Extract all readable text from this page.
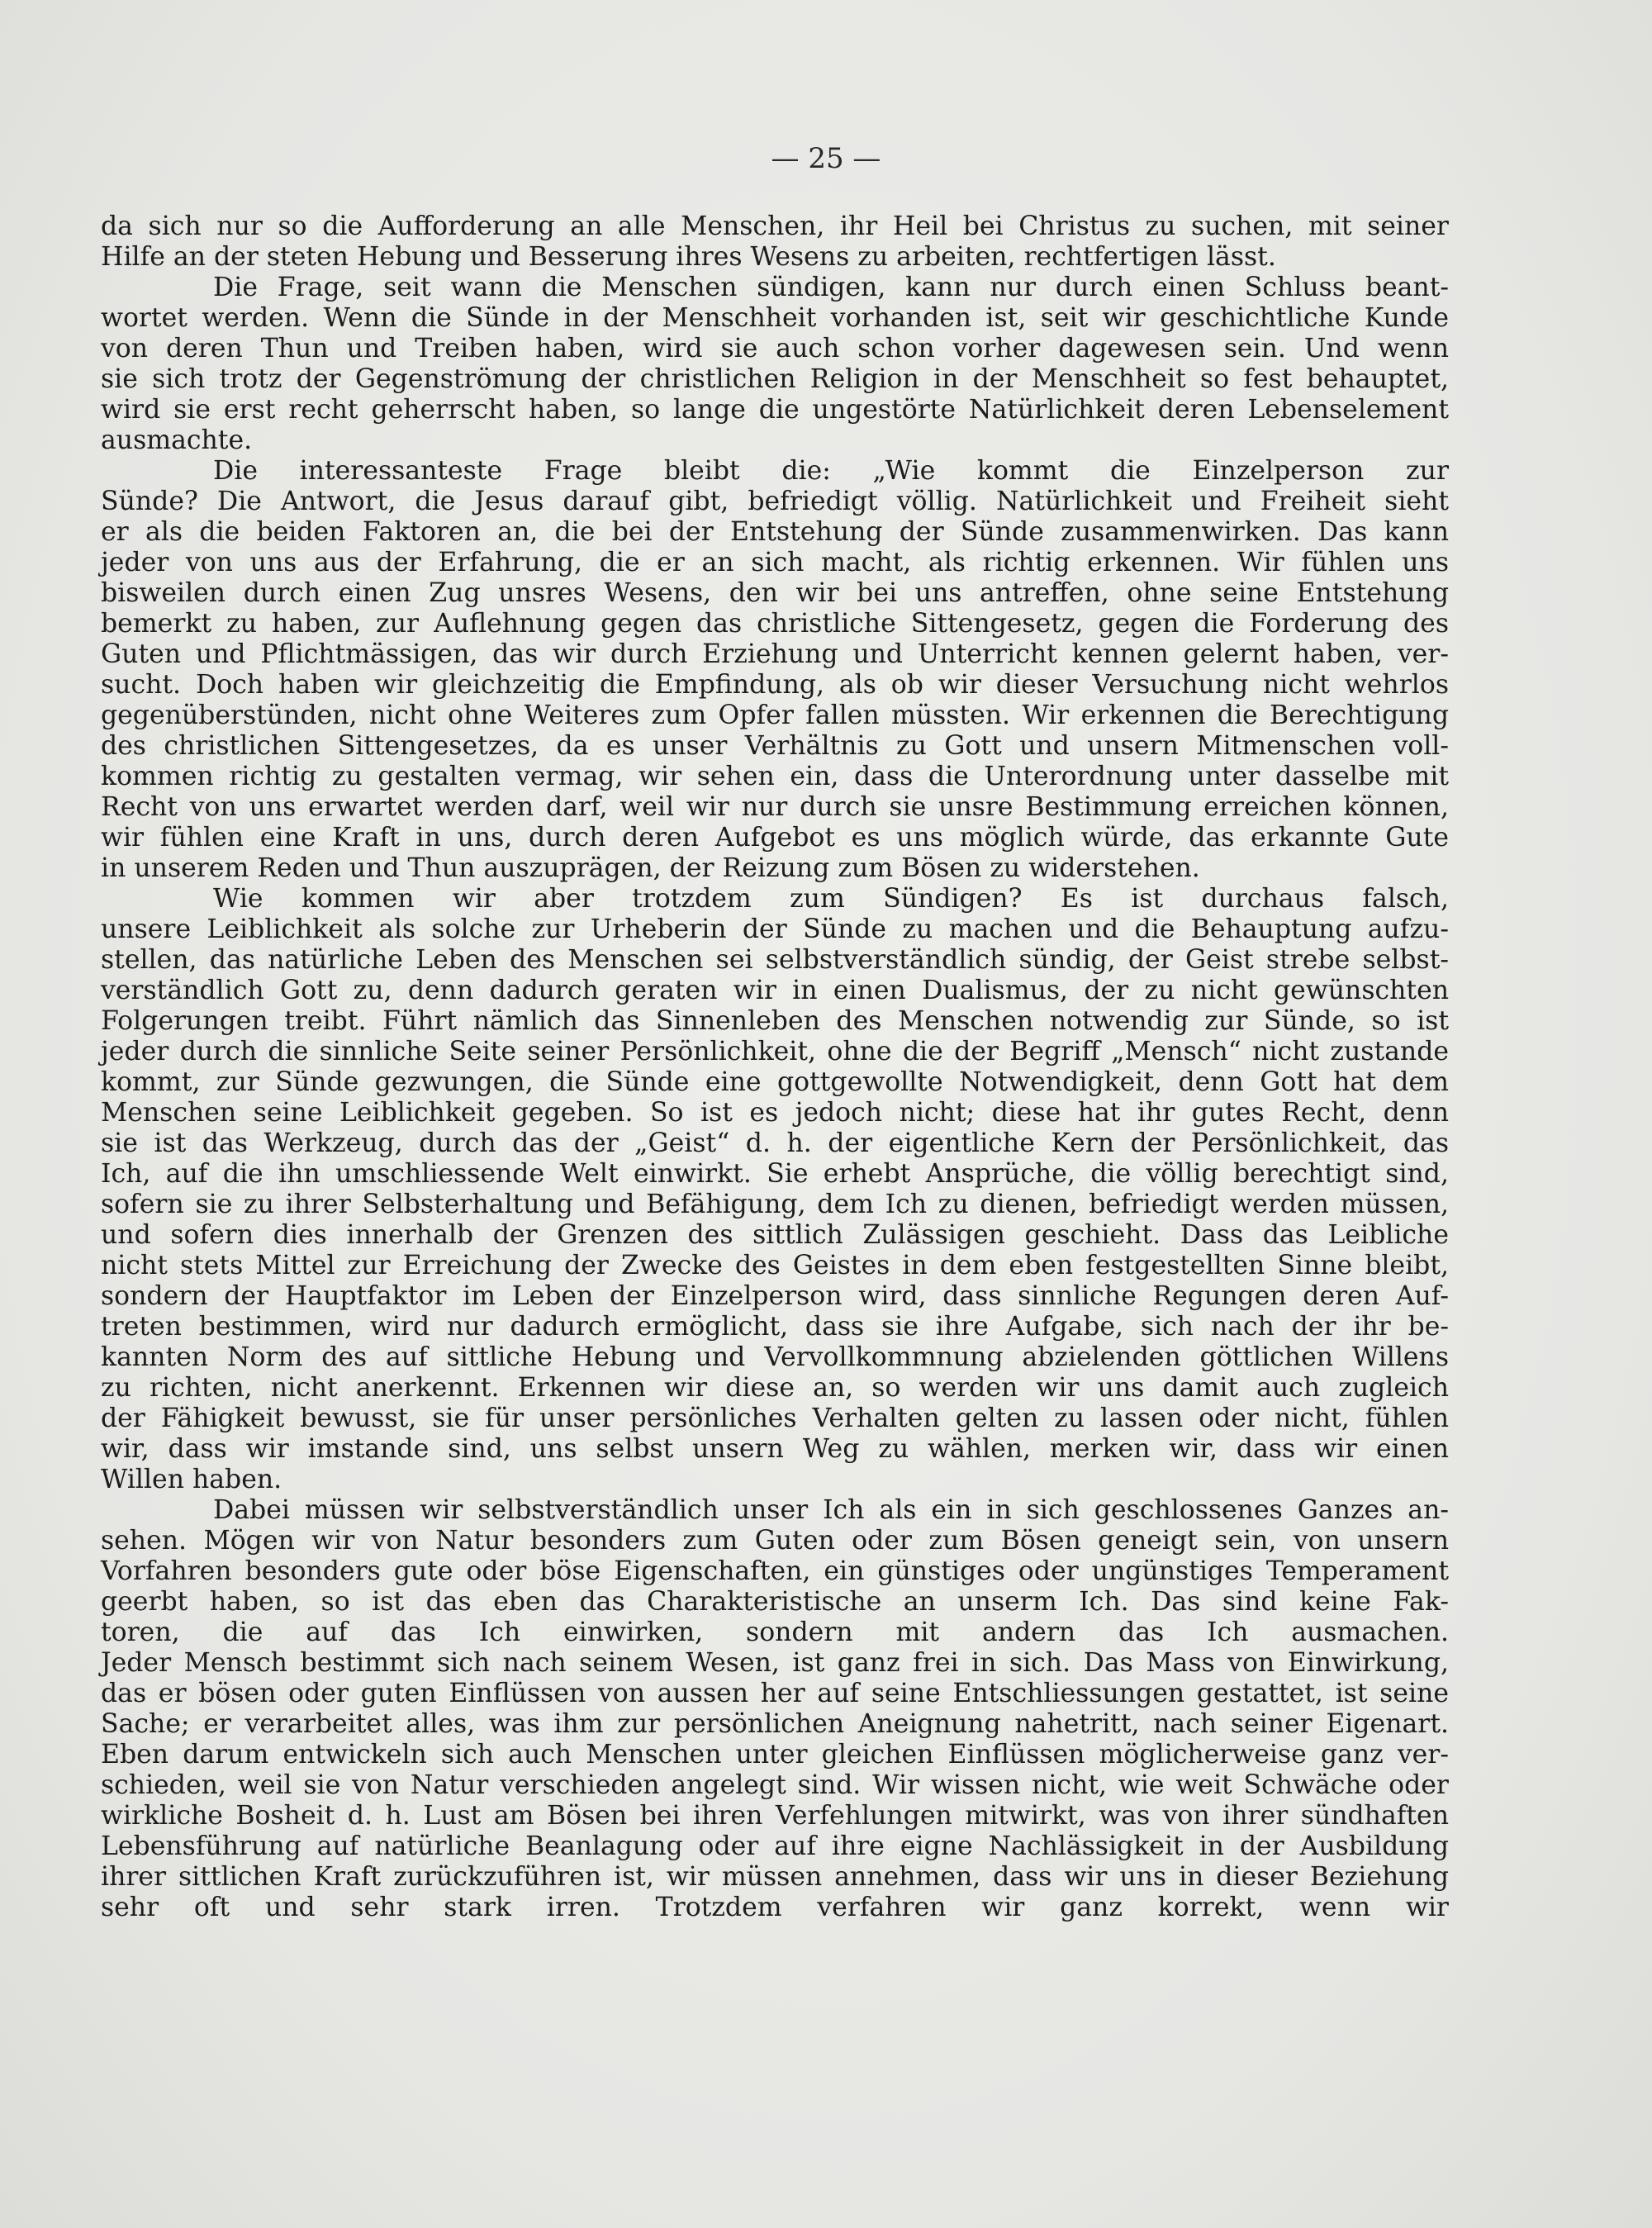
— 25 —

da sich nur so die Aufforderung an alle Menschen, ihr Heil bei Christus zu suchen, mit seiner
Hilfe an der steten Hebung und Besserung ihres Wesens zu arbeiten, rechtfertigen lässt.

Die Frage, seit wann die Menschen sündigen, kann nur durch einen Schluss beant-
wortet werden. Wenn die Sünde in der Menschheit vorhanden ist, seit wir geschichtliche Kunde
von deren Thun und Treiben haben, wird sie auch schon vorher dagewesen sein. Und wenn
sie sich trotz der Gegenströmung der christlichen Religion in der Menschheit so fest behauptet,
wird sie erst recht geherrscht haben, so lange die ungestörte Natürlichkeit deren Lebenselement
ausmachte.

Die interessanteste Frage bleibt die: „Wie kommt die Einzelperson zur
Sünde? Die Antwort, die Jesus darauf gibt, befriedigt völlig. Natürlichkeit und Freiheit sieht
er als die beiden Faktoren an, die bei der Entstehung der Sünde zusammenwirken. Das kann
jeder von uns aus der Erfahrung, die er an sich macht, als richtig erkennen. Wir fühlen uns
bisweilen durch einen Zug unsres Wesens, den wir bei uns antreffen, ohne seine Entstehung
bemerkt zu haben, zur Auflehnung gegen das christliche Sittengesetz, gegen die Forderung des
Guten und Pflichtmässigen, das wir durch Erziehung und Unterricht kennen gelernt haben, ver-
sucht. Doch haben wir gleichzeitig die Empfindung, als ob wir dieser Versuchung nicht wehrlos
gegenüberstünden, nicht ohne Weiteres zum Opfer fallen müssten. Wir erkennen die Berechtigung
des christlichen Sittengesetzes, da es unser Verhältnis zu Gott und unsern Mitmenschen voll-
kommen richtig zu gestalten vermag, wir sehen ein, dass die Unterordnung unter dasselbe mit
Recht von uns erwartet werden darf, weil wir nur durch sie unsre Bestimmung erreichen können,
wir fühlen eine Kraft in uns, durch deren Aufgebot es uns möglich würde, das erkannte Gute
in unserem Reden und Thun auszuprägen, der Reizung zum Bösen zu widerstehen.

Wie kommen wir aber trotzdem zum Sündigen? Es ist durchaus falsch,
unsere Leiblichkeit als solche zur Urheberin der Sünde zu machen und die Behauptung aufzu-
stellen, das natürliche Leben des Menschen sei selbstverständlich sündig, der Geist strebe selbst-
verständlich Gott zu, denn dadurch geraten wir in einen Dualismus, der zu nicht gewünschten
Folgerungen treibt. Führt nämlich das Sinnenleben des Menschen notwendig zur Sünde, so ist
jeder durch die sinnliche Seite seiner Persönlichkeit, ohne die der Begriff „Mensch“ nicht zustande
kommt, zur Sünde gezwungen, die Sünde eine gottgewollte Notwendigkeit, denn Gott hat dem
Menschen seine Leiblichkeit gegeben. So ist es jedoch nicht; diese hat ihr gutes Recht, denn
sie ist das Werkzeug, durch das der „Geist“ d. h. der eigentliche Kern der Persönlichkeit, das
Ich, auf die ihn umschliessende Welt einwirkt. Sie erhebt Ansprüche, die völlig berechtigt sind,
sofern sie zu ihrer Selbsterhaltung und Befähigung, dem Ich zu dienen, befriedigt werden müssen,
und sofern dies innerhalb der Grenzen des sittlich Zulässigen geschieht. Dass das Leibliche
nicht stets Mittel zur Erreichung der Zwecke des Geistes in dem eben festgestellten Sinne bleibt,
sondern der Hauptfaktor im Leben der Einzelperson wird, dass sinnliche Regungen deren Auf-
treten bestimmen, wird nur dadurch ermöglicht, dass sie ihre Aufgabe, sich nach der ihr be-
kannten Norm des auf sittliche Hebung und Vervollkommnung abzielenden göttlichen Willens
zu richten, nicht anerkennt. Erkennen wir diese an, so werden wir uns damit auch zugleich
der Fähigkeit bewusst, sie für unser persönliches Verhalten gelten zu lassen oder nicht, fühlen
wir, dass wir imstande sind, uns selbst unsern Weg zu wählen, merken wir, dass wir einen
Willen haben.

Dabei müssen wir selbstverständlich unser Ich als ein in sich geschlossenes Ganzes an-
sehen. Mögen wir von Natur besonders zum Guten oder zum Bösen geneigt sein, von unsern
Vorfahren besonders gute oder böse Eigenschaften, ein günstiges oder ungünstiges Temperament
geerbt haben, so ist das eben das Charakteristische an unserm Ich. Das sind keine Fak-
toren, die auf das Ich einwirken, sondern mit andern das Ich ausmachen.
Jeder Mensch bestimmt sich nach seinem Wesen, ist ganz frei in sich. Das Mass von Einwirkung,
das er bösen oder guten Einflüssen von aussen her auf seine Entschliessungen gestattet, ist seine
Sache; er verarbeitet alles, was ihm zur persönlichen Aneignung nahetritt, nach seiner Eigenart.
Eben darum entwickeln sich auch Menschen unter gleichen Einflüssen möglicherweise ganz ver-
schieden, weil sie von Natur verschieden angelegt sind. Wir wissen nicht, wie weit Schwäche oder
wirkliche Bosheit d. h. Lust am Bösen bei ihren Verfehlungen mitwirkt, was von ihrer sündhaften
Lebensführung auf natürliche Beanlagung oder auf ihre eigne Nachlässigkeit in der Ausbildung
ihrer sittlichen Kraft zurückzuführen ist, wir müssen annehmen, dass wir uns in dieser Beziehung
sehr oft und sehr stark irren. Trotzdem verfahren wir ganz korrekt, wenn wir
